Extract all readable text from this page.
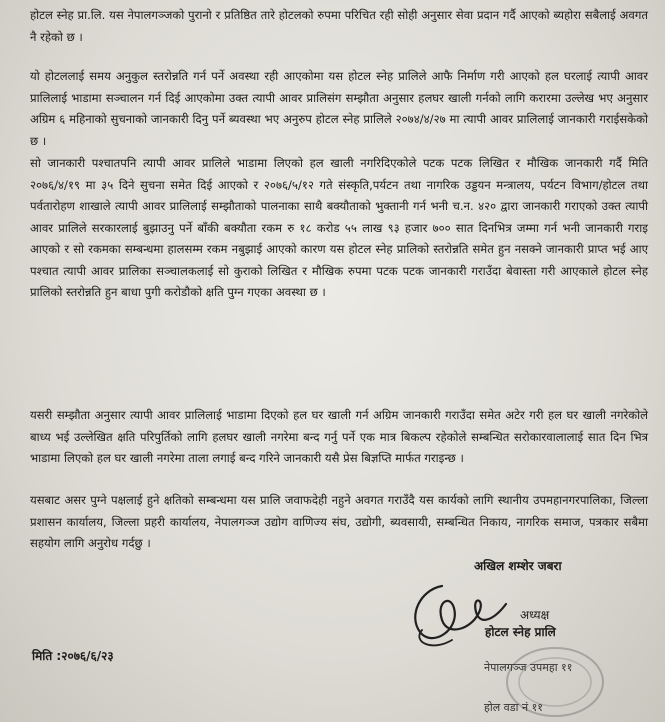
होटल स्नेह प्रा.लि. यस नेपालगञ्जको पुरानो र प्रतिष्ठित तारे होटलको रुपमा परिचित रही सोही अनुसार सेवा प्रदान गर्दै आएको ब्यहोरा सबैलाई अवगत नै रहेको छ ।

यो होटललाई समय अनुकुल स्तरोन्नति गर्न पर्ने अवस्था रही आएकोमा यस होटल स्नेह प्रालिले आफै निर्माण गरी आएको हल घरलाई त्यापी आवर प्रालिलाई भाडामा सञ्चालन गर्न दिई आएकोमा उक्त त्यापी आवर प्रालिसंग सम्झौता अनुसार हलघर खाली गर्नको लागि करारमा उल्लेख भए अनुसार अग्रिम ६ महिनाको सुचनाको जानकारी दिनु पर्ने ब्यवस्था भए अनुरुप होटल स्नेह प्रालिले २०७४/४/२७ मा त्यापी आवर प्रालिलाई जानकारी गराईसकेको छ ।

सो जानकारी पश्चातपनि त्यापी आवर प्रालिले भाडामा लिएको हल खाली नगरिदिएकोले पटक पटक लिखित र मौखिक जानकारी गर्दै मिति २०७६/४/१९ मा ३५ दिने सुचना समेत दिई आएको र २०७६/५/१२ गते संस्कृति,पर्यटन तथा नागरिक उड्डयन मन्त्रालय, पर्यटन विभाग/होटल तथा पर्वतारोहण शाखाले त्यापी आवर प्रालिलाई सम्झौताको पालनाका साथै बक्यौताको भुक्तानी गर्न भनी च.न. ४२० द्वारा जानकारी गराएको उक्त त्यापी आवर प्रालिले सरकारलाई बुझाउनु पर्ने बाँकी बक्यौता रकम रु १८ करोड ५५ लाख ९३ हजार ७०० सात दिनभित्र जम्मा गर्न भनी जानकारी गराइ आएको र सो रकमका सम्बन्धमा हालसम्म रकम नबुझाई आएको कारण यस होटल स्नेह प्रालिको स्तरोन्नति समेत हुन नसक्ने जानकारी प्राप्त भई आए पश्चात त्यापी आवर प्रालिका सञ्चालकलाई सो कुराको लिखित र मौखिक रुपमा पटक पटक जानकारी गराउँदा बेवास्ता गरी आएकाले होटल स्नेह प्रालिको स्तरोन्नति हुन बाधा पुगी करोडौको क्षति पुग्न गएका अवस्था छ ।

यसरी सम्झौता अनुसार त्यापी आवर प्रालिलाई भाडामा दिएको हल घर खाली गर्न अग्रिम जानकारी गराउँदा समेत अटेर गरी हल घर खाली नगरेकोले बाध्य भई उल्लेखित क्षति परिपुर्तिको लागि हलघर खाली नगरेमा बन्द गर्नु पर्ने एक मात्र बिकल्प रहेकोले सम्बन्धित सरोकारवालालाई सात दिन भित्र भाडामा लिएको हल घर खाली नगरेमा ताला लगाई बन्द गरिने जानकारी यसै प्रेस बिज्ञप्ति मार्फत गराइन्छ ।

यसबाट असर पुग्ने पक्षलाई हुने क्षतिको सम्बन्धमा यस प्रालि जवाफदेही नहुने अवगत गराउँदै यस कार्यको लागि स्थानीय उपमहानगरपालिका, जिल्ला प्रशासन कार्यालय, जिल्ला प्रहरी कार्यालय, नेपालगञ्ज उद्योग वाणिज्य संघ, उद्योगी, ब्यवसायी, सम्बन्धित निकाय, नागरिक समाज, पत्रकार सबैमा सहयोग लागि अनुरोध गर्दछु ।

अखिल शम्शेर जबरा
अध्यक्ष
होटल स्नेह प्रालि
नेपालगञ्ज उपमहा ११
होल वडा नं ११
मिति :२०७६/६/२३
